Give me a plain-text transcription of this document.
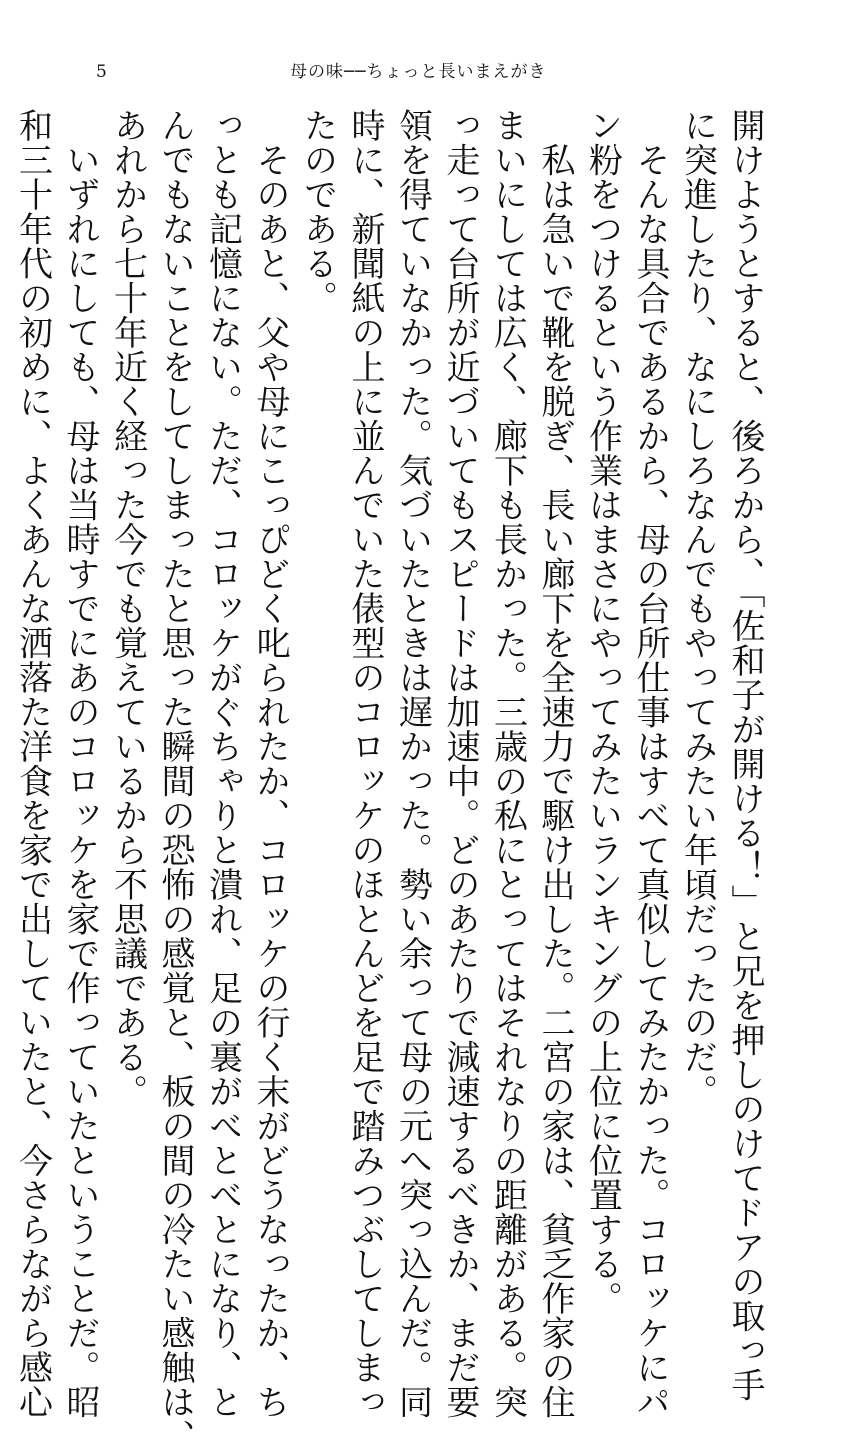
5	母の味──ちょっと長いまえがき

開けようとすると、後ろから、「佐和子が開ける！」と兄を押しのけてドアの取っ手

に突進したり、なにしろなんでもやってみたい年頃だったのだ。

　そんな具合であるから、母の台所仕事はすべて真似してみたかった。コロッケにパ

ン粉をつけるという作業はまさにやってみたいランキングの上位に位置する。

　私は急いで靴を脱ぎ、長い廊下を全速力で駆け出した。二宮の家は、貧乏作家の住

まいにしては広く、廊下も長かった。三歳の私にとってはそれなりの距離がある。突

っ走って台所が近づいてもスピードは加速中。どのあたりで減速するべきか、まだ要

領を得ていなかった。気づいたときは遅かった。勢い余って母の元へ突っ込んだ。同

時に、新聞紙の上に並んでいた俵型のコロッケのほとんどを足で踏みつぶしてしまっ

たのである。

　そのあと、父や母にこっぴどく叱られたか、コロッケの行く末がどうなったか、ち

っとも記憶にない。ただ、コロッケがぐちゃりと潰れ、足の裏がべとべとになり、と

んでもないことをしてしまったと思った瞬間の恐怖の感覚と、板の間の冷たい感触は、

あれから七十年近く経った今でも覚えているから不思議である。

　いずれにしても、母は当時すでにあのコロッケを家で作っていたということだ。昭

和三十年代の初めに、よくあんな洒落た洋食を家で出していたと、今さらながら感心
